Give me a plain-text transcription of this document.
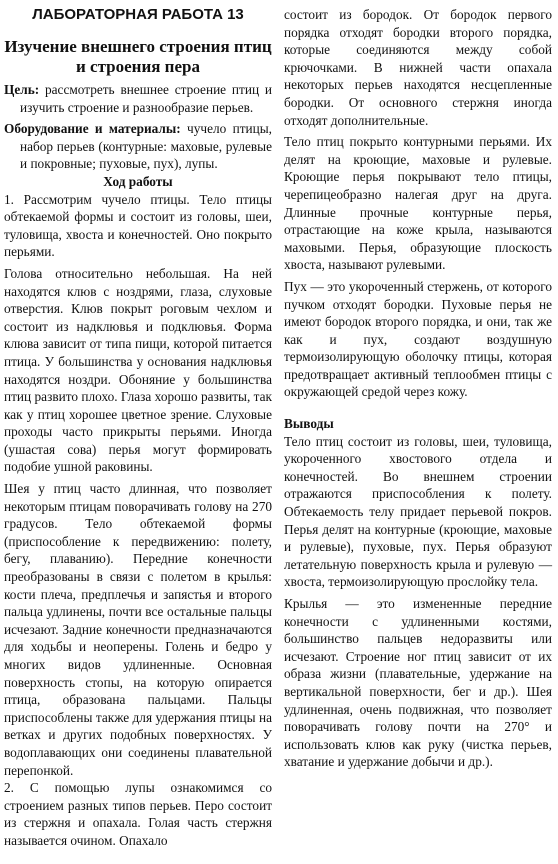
ЛАБОРАТОРНАЯ РАБОТА 13
Изучение внешнего строения птиц и строения пера

Цель: рассмотреть внешнее строение птиц и изучить строение и разнообразие перьев.

Оборудование и материалы: чучело птицы, набор перьев (контурные: маховые, рулевые и покровные; пуховые, пух), лупы.

Ход работы

1. Рассмотрим чучело птицы. Тело птицы обтекаемой формы и состоит из головы, шеи, туловища, хвоста и конечностей. Оно покрыто перьями.

Голова относительно небольшая. На ней находятся клюв с ноздрями, глаза, слуховые отверстия. Клюв покрыт роговым чехлом и состоит из надклювья и подклювья. Форма клюва зависит от типа пищи, которой питается птица. У большинства у основания надклювья находятся ноздри. Обоняние у большинства птиц развито плохо. Глаза хорошо развиты, так как у птиц хорошее цветное зрение. Слуховые проходы часто прикрыты перьями. Иногда (ушастая сова) перья могут формировать подобие ушной раковины.

Шея у птиц часто длинная, что позволяет некоторым птицам поворачивать голову на 270 градусов. Тело обтекаемой формы (приспособление к передвижению: полету, бегу, плаванию). Передние конечности преобразованы в связи с полетом в крылья: кости плеча, предплечья и запястья и второго пальца удлинены, почти все остальные пальцы исчезают. Задние конечности предназначаются для ходьбы и неоперены. Голень и бедро у многих видов удлиненные. Основная поверхность стопы, на которую опирается птица, образована пальцами. Пальцы приспособлены также для удержания птицы на ветках и других подобных поверхностях. У водоплавающих они соединены плавательной перепонкой.

2. С помощью лупы ознакомимся со строением разных типов перьев. Перо состоит из стержня и опахала. Голая часть стержня называется очином. Опахало

состоит из бородок. От бородок первого порядка отходят бородки второго порядка, которые соединяются между собой крючочками. В нижней части опахала некоторых перьев находятся несцепленные бородки. От основного стержня иногда отходят дополнительные.

Тело птиц покрыто контурными перьями. Их делят на кроющие, маховые и рулевые. Кроющие перья покрывают тело птицы, черепицеобразно налегая друг на друга. Длинные прочные контурные перья, отрастающие на коже крыла, называются маховыми. Перья, образующие плоскость хвоста, называют рулевыми.

Пух — это укороченный стержень, от которого пучком отходят бородки. Пуховые перья не имеют бородок второго порядка, и они, так же как и пух, создают воздушную термоизолирующую оболочку птицы, которая предотвращает активный теплообмен птицы с окружающей средой через кожу.

Выводы

Тело птиц состоит из головы, шеи, туловища, укороченного хвостового отдела и конечностей. Во внешнем строении отражаются приспособления к полету. Обтекаемость телу придает перьевой покров. Перья делят на контурные (кроющие, маховые и рулевые), пуховые, пух. Перья образуют летательную поверхность крыла и рулевую — хвоста, термоизолирующую прослойку тела.

Крылья — это измененные передние конечности с удлиненными костями, большинство пальцев недоразвиты или исчезают. Строение ног птиц зависит от их образа жизни (плавательные, удержание на вертикальной поверхности, бег и др.). Шея удлиненная, очень подвижная, что позволяет поворачивать голову почти на 270° и использовать клюв как руку (чистка перьев, хватание и удержание добычи и др.).
